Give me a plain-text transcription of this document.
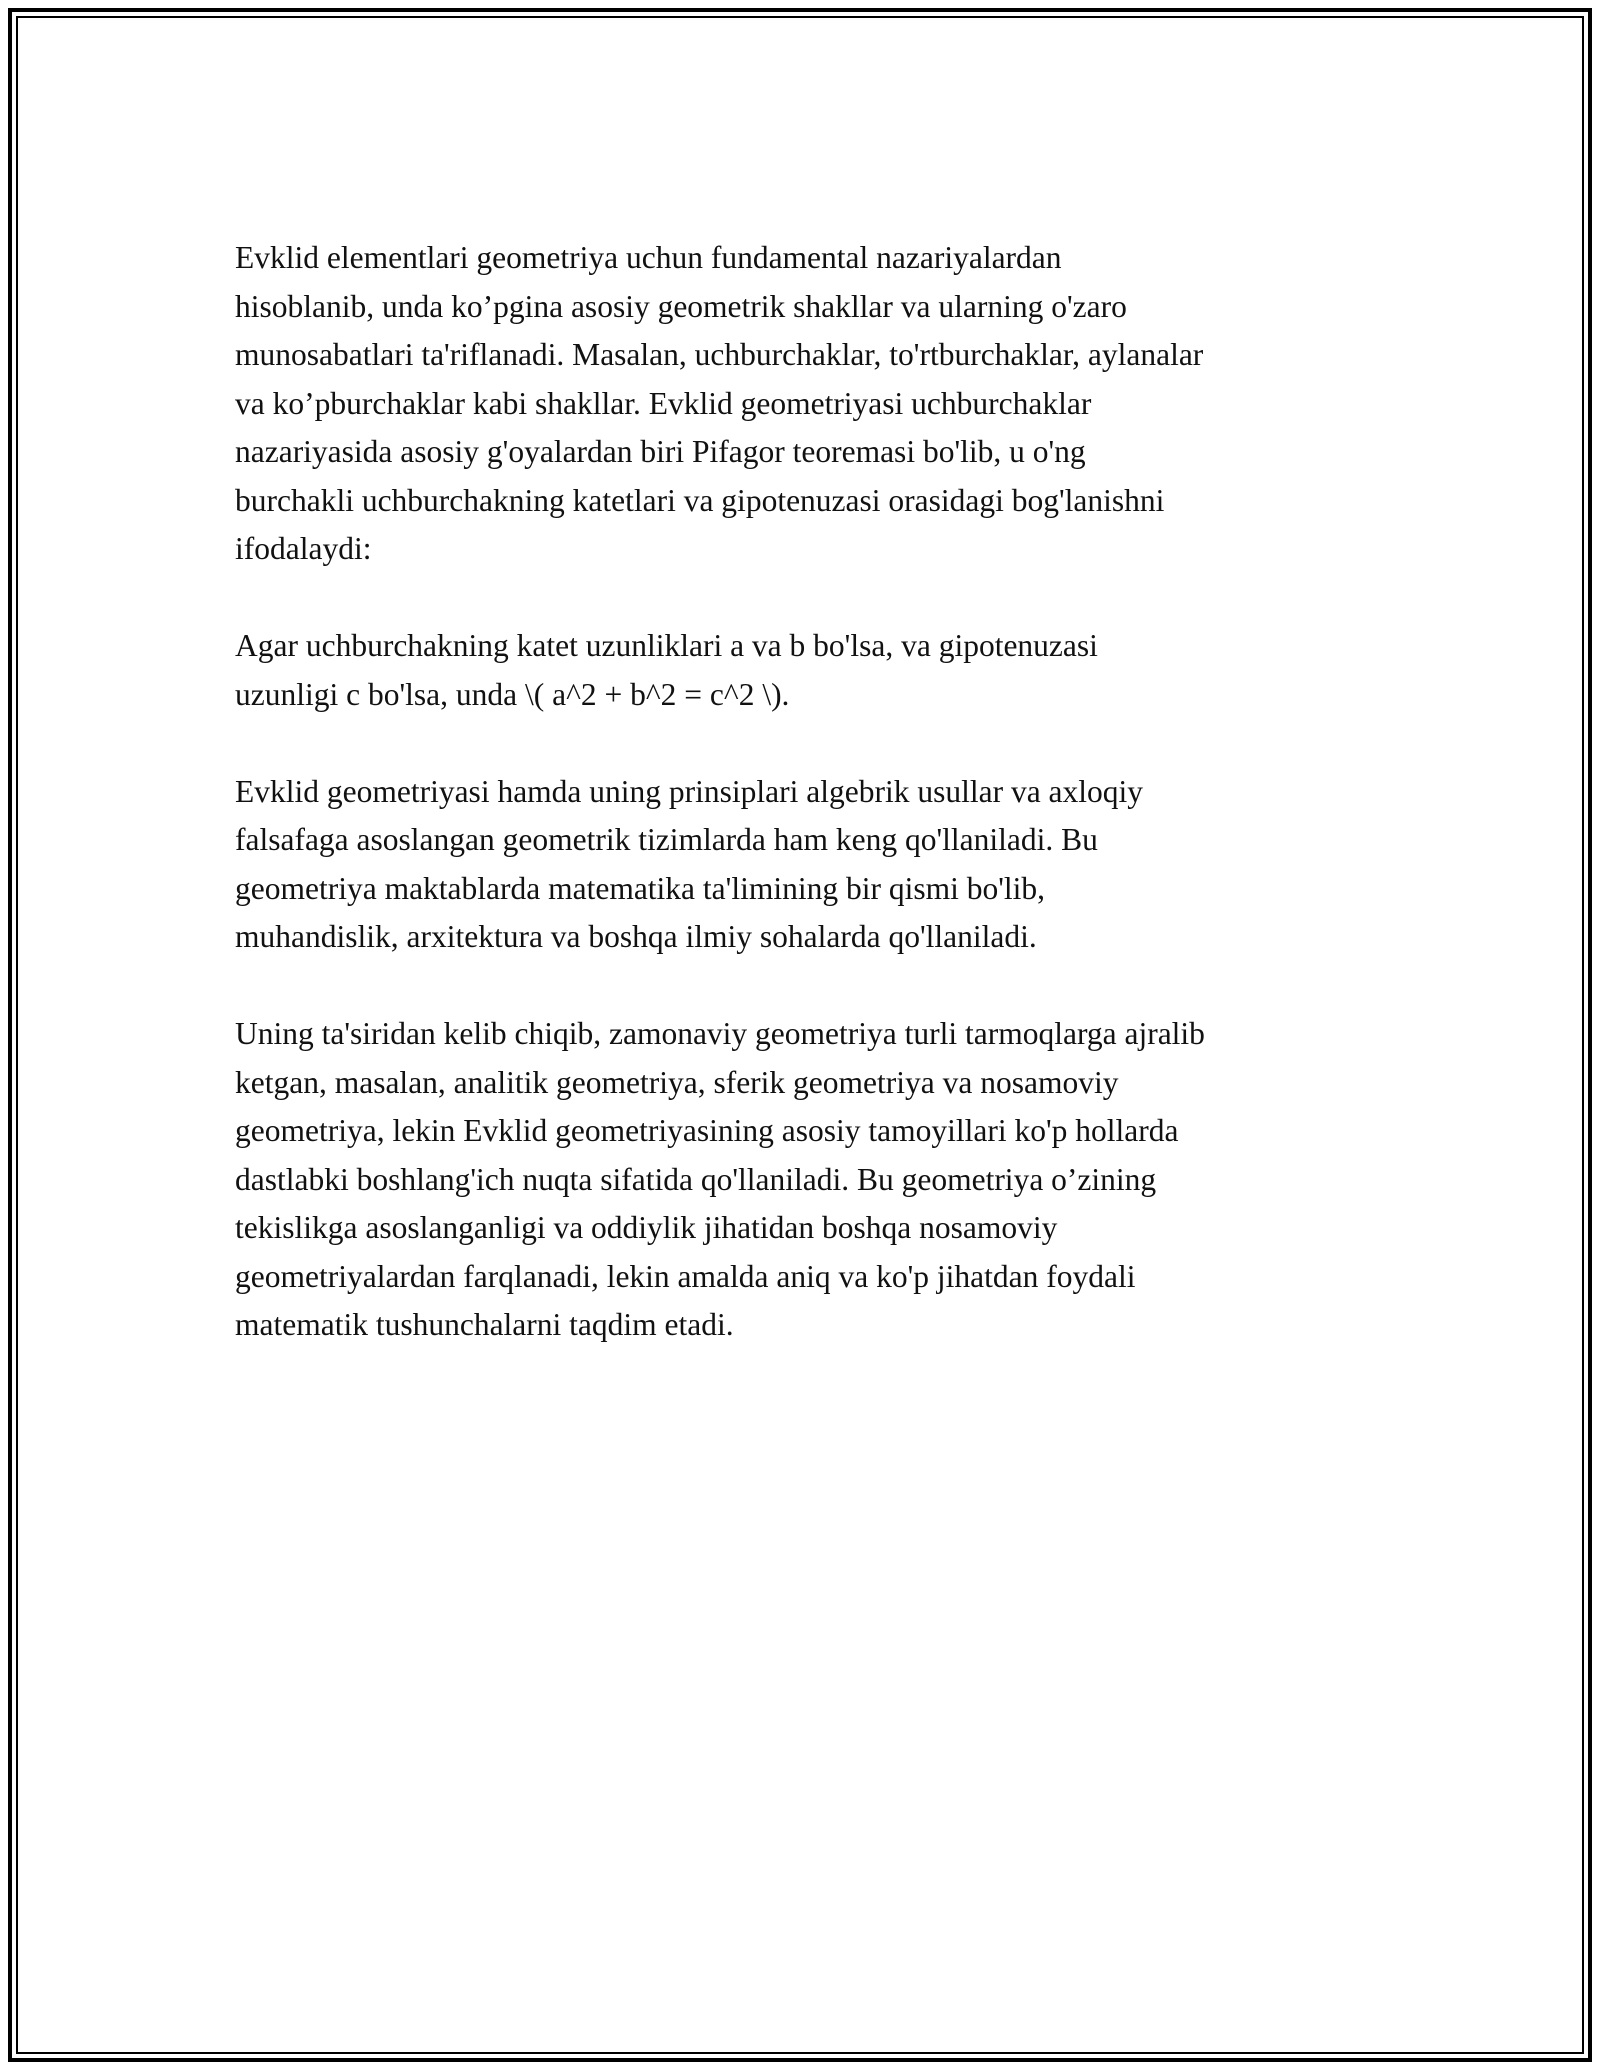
Evklid elementlari geometriya uchun fundamental nazariyalardan
hisoblanib, unda ko’pgina asosiy geometrik shakllar va ularning o'zaro
munosabatlari ta'riflanadi. Masalan, uchburchaklar, to'rtburchaklar, aylanalar
va ko’pburchaklar kabi shakllar. Evklid geometriyasi uchburchaklar
nazariyasida asosiy g'oyalardan biri Pifagor teoremasi bo'lib, u o'ng
burchakli uchburchakning katetlari va gipotenuzasi orasidagi bog'lanishni
ifodalaydi:

Agar uchburchakning katet uzunliklari a va b bo'lsa, va gipotenuzasi
uzunligi c bo'lsa, unda \( a^2 + b^2 = c^2 \).

Evklid geometriyasi hamda uning prinsiplari algebrik usullar va axloqiy
falsafaga asoslangan geometrik tizimlarda ham keng qo'llaniladi. Bu
geometriya maktablarda matematika ta'limining bir qismi bo'lib,
muhandislik, arxitektura va boshqa ilmiy sohalarda qo'llaniladi.

Uning ta'siridan kelib chiqib, zamonaviy geometriya turli tarmoqlarga ajralib
ketgan, masalan, analitik geometriya, sferik geometriya va nosamoviy
geometriya, lekin Evklid geometriyasining asosiy tamoyillari ko'p hollarda
dastlabki boshlang'ich nuqta sifatida qo'llaniladi. Bu geometriya o’zining
tekislikga asoslanganligi va oddiylik jihatidan boshqa nosamoviy
geometriyalardan farqlanadi, lekin amalda aniq va ko'p jihatdan foydali
matematik tushunchalarni taqdim etadi.
